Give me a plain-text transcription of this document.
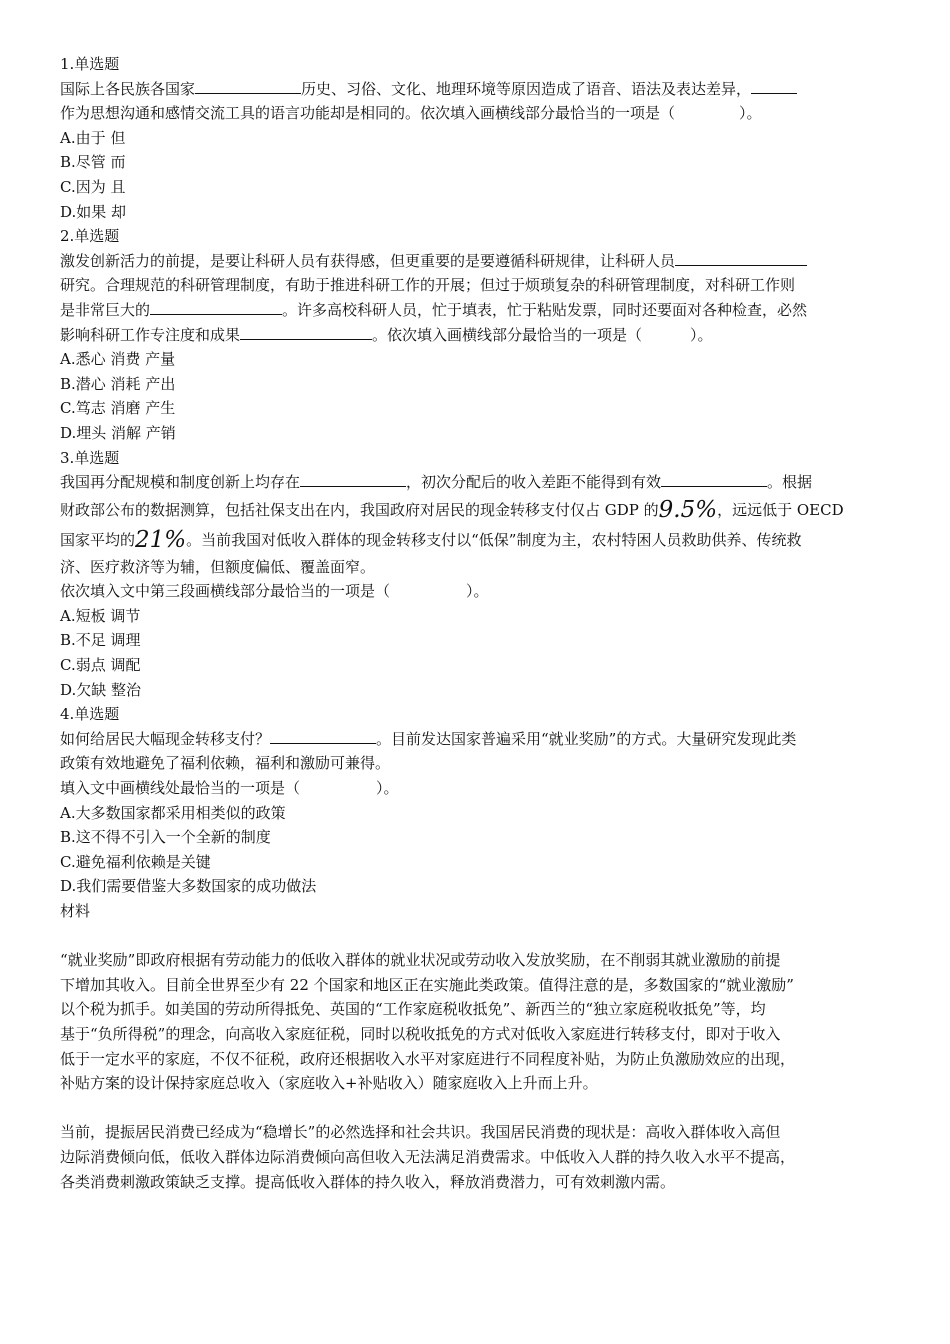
1.单选题

国际上各民族各国家	历史、习俗、文化、地理环境等原因造成了语音、语法及表达差异，

作为思想沟通和感情交流工具的语言功能却是相同的。依次填入画横线部分最恰当的一项是（	）。

A.由于 但

B.尽管 而

C.因为 且

D.如果 却

2.单选题

激发创新活力的前提，是要让科研人员有获得感，但更重要的是要遵循科研规律，让科研人员

研究。合理规范的科研管理制度，有助于推进科研工作的开展；但过于烦琐复杂的科研管理制度，对科研工作则

是非常巨大的	。许多高校科研人员，忙于填表，忙于粘贴发票，同时还要面对各种检查，必然

影响科研工作专注度和成果	。依次填入画横线部分最恰当的一项是（	）。

A.悉心 消费 产量

B.潜心 消耗 产出

C.笃志 消磨 产生

D.埋头 消解 产销

3.单选题

我国再分配规模和制度创新上均存在	，初次分配后的收入差距不能得到有效	。根据

财政部公布的数据测算，包括社保支出在内，我国政府对居民的现金转移支付仅占 GDP 的9.5%，远远低于 OECD

国家平均的21%。当前我国对低收入群体的现金转移支付以“低保”制度为主，农村特困人员救助供养、传统救

济、医疗救济等为辅，但额度偏低、覆盖面窄。

依次填入文中第三段画横线部分最恰当的一项是（	）。

A.短板 调节

B.不足 调理

C.弱点 调配

D.欠缺 整治

4.单选题

如何给居民大幅现金转移支付？	。目前发达国家普遍采用“就业奖励”的方式。大量研究发现此类

政策有效地避免了福利依赖，福利和激励可兼得。

填入文中画横线处最恰当的一项是（	）。

A.大多数国家都采用相类似的政策

B.这不得不引入一个全新的制度

C.避免福利依赖是关键

D.我们需要借鉴大多数国家的成功做法

材料

“就业奖励”即政府根据有劳动能力的低收入群体的就业状况或劳动收入发放奖励，在不削弱其就业激励的前提

下增加其收入。目前全世界至少有 22 个国家和地区正在实施此类政策。值得注意的是，多数国家的“就业激励”

以个税为抓手。如美国的劳动所得抵免、英国的“工作家庭税收抵免”、新西兰的“独立家庭税收抵免”等，均

基于“负所得税”的理念，向高收入家庭征税，同时以税收抵免的方式对低收入家庭进行转移支付，即对于收入

低于一定水平的家庭，不仅不征税，政府还根据收入水平对家庭进行不同程度补贴，为防止负激励效应的出现，

补贴方案的设计保持家庭总收入（家庭收入+补贴收入）随家庭收入上升而上升。

当前，提振居民消费已经成为“稳增长”的必然选择和社会共识。我国居民消费的现状是：高收入群体收入高但

边际消费倾向低，低收入群体边际消费倾向高但收入无法满足消费需求。中低收入人群的持久收入水平不提高，

各类消费刺激政策缺乏支撑。提高低收入群体的持久收入，释放消费潜力，可有效刺激内需。
